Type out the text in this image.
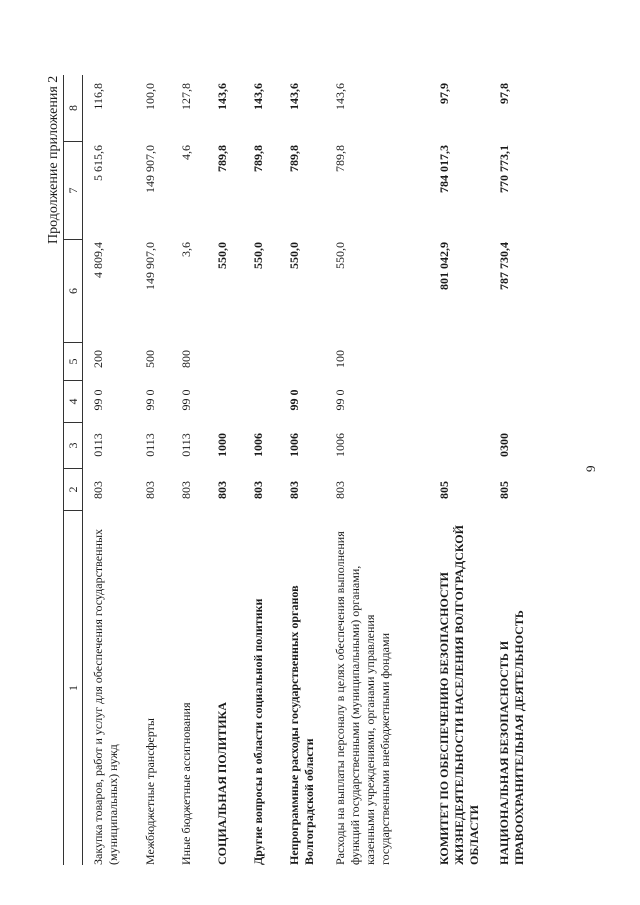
9
Продолжение приложения 2
1
2
3
4
5
6
7
8
Закупка товаров, работ и услуг для обеспечения государственных (муниципальных) нужд
803
0113
99 0
200
4 809,4
5 615,6
116,8
Межбюджетные трансферты
803
0113
99 0
500
149 907,0
149 907,0
100,0
Иные бюджетные ассигнования
803
0113
99 0
800
3,6
4,6
127,8
СОЦИАЛЬНАЯ ПОЛИТИКА
803
1000
550,0
789,8
143,6
Другие вопросы в области социальной политики
803
1006
550,0
789,8
143,6
Непрограммные расходы государственных органов Волгоградской области
803
1006
99 0
550,0
789,8
143,6
Расходы на выплаты персоналу в целях обеспечения выполнения функций государственными (муниципальными) органами, казенными учреждениями, органами управления государственными внебюджетными фондами
803
1006
99 0
100
550,0
789,8
143,6
КОМИТЕТ ПО ОБЕСПЕЧЕНИЮ БЕЗОПАСНОСТИ ЖИЗНЕДЕЯТЕЛЬНОСТИ НАСЕЛЕНИЯ ВОЛГОГРАДСКОЙ ОБЛАСТИ
805
801 042,9
784 017,3
97,9
НАЦИОНАЛЬНАЯ БЕЗОПАСНОСТЬ И ПРАВООХРАНИТЕЛЬНАЯ ДЕЯТЕЛЬНОСТЬ
805
0300
787 730,4
770 773,1
97,8
